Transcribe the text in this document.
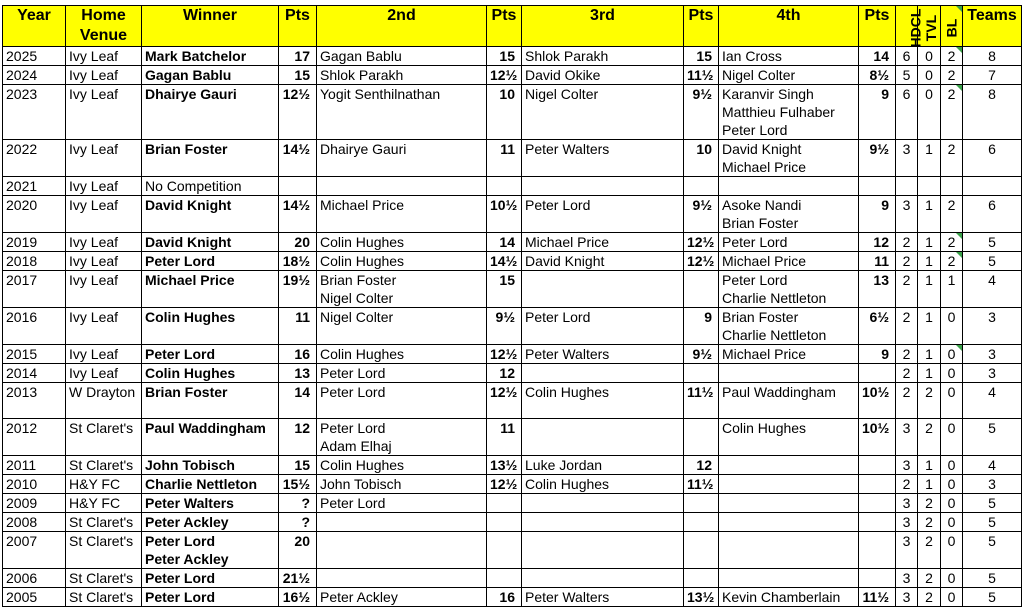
Year	Home Venue	Winner	Pts	2nd	Pts	3rd	Pts	4th	Pts	HDCL	TVL	BL	Teams
2025	Ivy Leaf	Mark Batchelor	17	Gagan Bablu	15	Shlok Parakh	15	Ian Cross	14	6	0	2	8
2024	Ivy Leaf	Gagan Bablu	15	Shlok Parakh	12½	David Okike	11½	Nigel Colter	8½	5	0	2	7
2023	Ivy Leaf	Dhairye Gauri	12½	Yogit Senthilnathan	10	Nigel Colter	9½	Karanvir Singh
Matthieu Fulhaber
Peter Lord	9	6	0	2	8
2022	Ivy Leaf	Brian Foster	14½	Dhairye Gauri	11	Peter Walters	10	David Knight
Michael Price	9½	3	1	2	6
2021	Ivy Leaf	No Competition											
2020	Ivy Leaf	David Knight	14½	Michael Price	10½	Peter Lord	9½	Asoke Nandi
Brian Foster	9	3	1	2	6
2019	Ivy Leaf	David Knight	20	Colin Hughes	14	Michael Price	12½	Peter Lord	12	2	1	2	5
2018	Ivy Leaf	Peter Lord	18½	Colin Hughes	14½	David Knight	12½	Michael Price	11	2	1	2	5
2017	Ivy Leaf	Michael Price	19½	Brian Foster
Nigel Colter	15			Peter Lord
Charlie Nettleton	13	2	1	1	4
2016	Ivy Leaf	Colin Hughes	11	Nigel Colter	9½	Peter Lord	9	Brian Foster
Charlie Nettleton	6½	2	1	0	3
2015	Ivy Leaf	Peter Lord	16	Colin Hughes	12½	Peter Walters	9½	Michael Price	9	2	1	0	3
2014	Ivy Leaf	Colin Hughes	13	Peter Lord	12					2	1	0	3
2013	W Drayton	Brian Foster	14	Peter Lord	12½	Colin Hughes	11½	Paul Waddingham	10½	2	2	0	4
2012	St Claret's	Paul Waddingham	12	Peter Lord
Adam Elhaj	11			Colin Hughes	10½	3	2	0	5
2011	St Claret's	John Tobisch	15	Colin Hughes	13½	Luke Jordan	12			3	1	0	4
2010	H&Y FC	Charlie Nettleton	15½	John Tobisch	12½	Colin Hughes	11½			2	1	0	3
2009	H&Y FC	Peter Walters	?	Peter Lord						3	2	0	5
2008	St Claret's	Peter Ackley	?							3	2	0	5
2007	St Claret's	Peter Lord
Peter Ackley	20							3	2	0	5
2006	St Claret's	Peter Lord	21½							3	2	0	5
2005	St Claret's	Peter Lord	16½	Peter Ackley	16	Peter Walters	13½	Kevin Chamberlain	11½	3	2	0	5
